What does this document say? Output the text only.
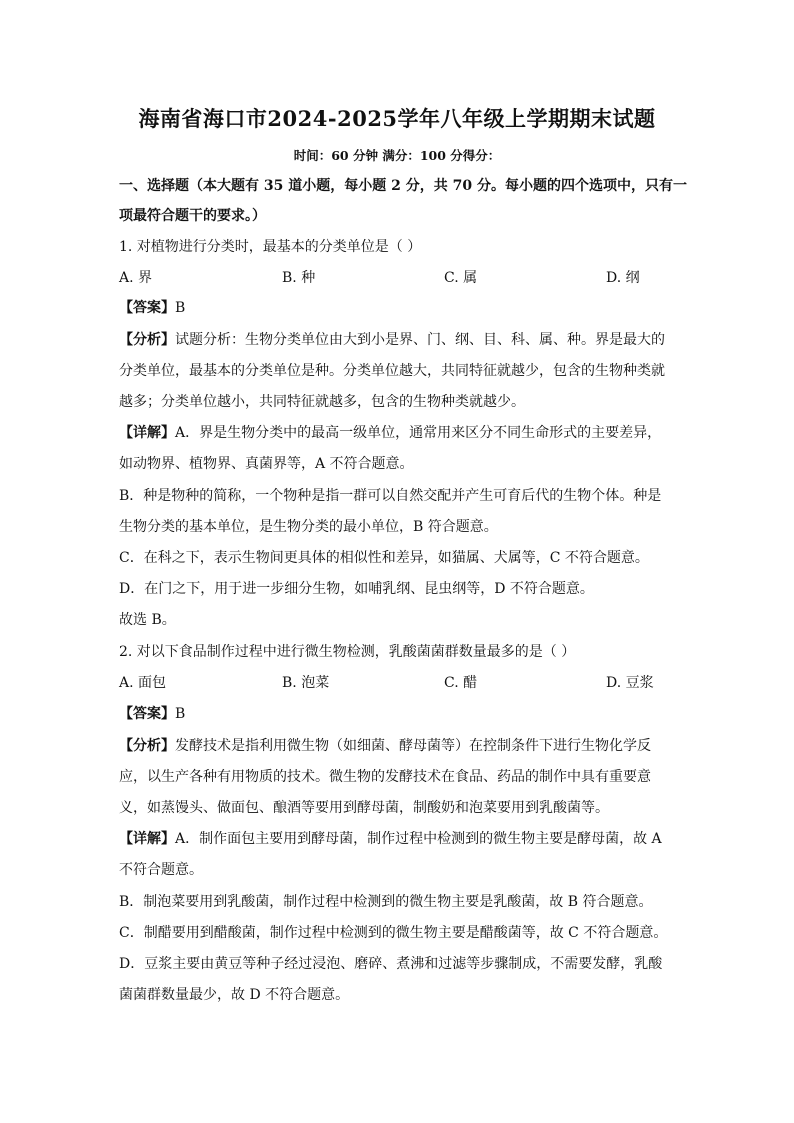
海南省海口市2024-2025学年八年级上学期期末试题
时间：60 分钟 满分：100 分得分：
一、选择题（本大题有 35 道小题，每小题 2 分，共 70 分。每小题的四个选项中，只有一
项最符合题干的要求。）
1. 对植物进行分类时，最基本的分类单位是（ ）
A. 界	B. 种	C. 属	D. 纲
【答案】B
【分析】试题分析：生物分类单位由大到小是界、门、纲、目、科、属、种。界是最大的
分类单位，最基本的分类单位是种。分类单位越大，共同特征就越少，包含的生物种类就
越多；分类单位越小，共同特征就越多，包含的生物种类就越少。
【详解】A．界是生物分类中的最高一级单位，通常用来区分不同生命形式的主要差异，
如动物界、植物界、真菌界等，A 不符合题意。
B．种是物种的简称，一个物种是指一群可以自然交配并产生可育后代的生物个体。种是
生物分类的基本单位，是生物分类的最小单位，B 符合题意。
C．在科之下，表示生物间更具体的相似性和差异，如猫属、犬属等，C 不符合题意。
D．在门之下，用于进一步细分生物，如哺乳纲、昆虫纲等，D 不符合题意。
故选 B。
2. 对以下食品制作过程中进行微生物检测，乳酸菌菌群数量最多的是（ ）
A. 面包	B. 泡菜	C. 醋	D. 豆浆
【答案】B
【分析】发酵技术是指利用微生物（如细菌、酵母菌等）在控制条件下进行生物化学反
应，以生产各种有用物质的技术。微生物的发酵技术在食品、药品的制作中具有重要意
义，如蒸馒头、做面包、酿酒等要用到酵母菌，制酸奶和泡菜要用到乳酸菌等。
【详解】A．制作面包主要用到酵母菌，制作过程中检测到的微生物主要是酵母菌，故 A
不符合题意。
B．制泡菜要用到乳酸菌，制作过程中检测到的微生物主要是乳酸菌，故 B 符合题意。
C．制醋要用到醋酸菌，制作过程中检测到的微生物主要是醋酸菌等，故 C 不符合题意。
D．豆浆主要由黄豆等种子经过浸泡、磨碎、煮沸和过滤等步骤制成，不需要发酵，乳酸
菌菌群数量最少，故 D 不符合题意。
